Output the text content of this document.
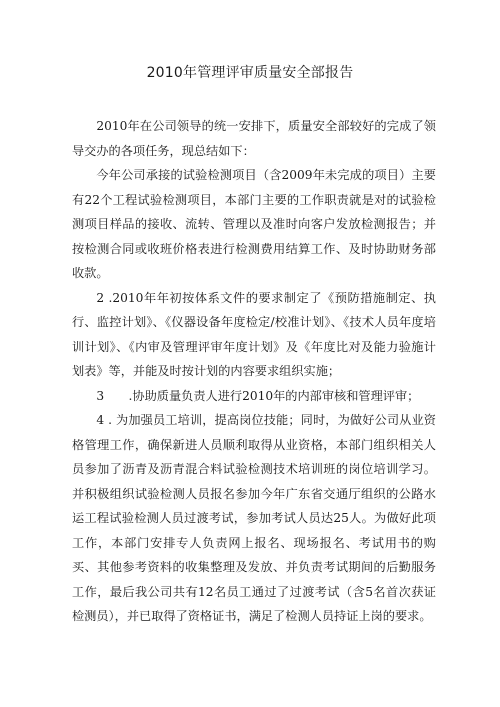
2010年管理评审质量安全部报告

2010年在公司领导的统一安排下，质量安全部较好的完成了领导交办的各项任务，现总结如下：

今年公司承接的试验检测项目（含2009年未完成的项目）主要有22个工程试验检测项目，本部门主要的工作职责就是对的试验检测项目样品的接收、流转、管理以及准时向客户发放检测报告；并按检测合同或收班价格表进行检测费用结算工作、及时协助财务部收款。

2 .2010年年初按体系文件的要求制定了《预防措施制定、执行、监控计划》、《仪器设备年度检定/校准计划》、《技术人员年度培训计划》、《内审及管理评审年度计划》及《年度比对及能力验施计划表》等，并能及时按计划的内容要求组织实施；

3　　.协助质量负责人进行2010年的内部审核和管理评审；

4 . 为加强员工培训，提高岗位技能；同时，为做好公司从业资格管理工作，确保新进人员顺利取得从业资格，本部门组织相关人员参加了沥青及沥青混合料试验检测技术培训班的岗位培训学习。并积极组织试验检测人员报名参加今年广东省交通厅组织的公路水运工程试验检测人员过渡考试，参加考试人员达25人。为做好此项工作，本部门安排专人负责网上报名、现场报名、考试用书的购买、其他参考资料的收集整理及发放、并负责考试期间的后勤服务工作，最后我公司共有12名员工通过了过渡考试（含5名首次获证检测员），并已取得了资格证书，满足了检测人员持证上岗的要求。
